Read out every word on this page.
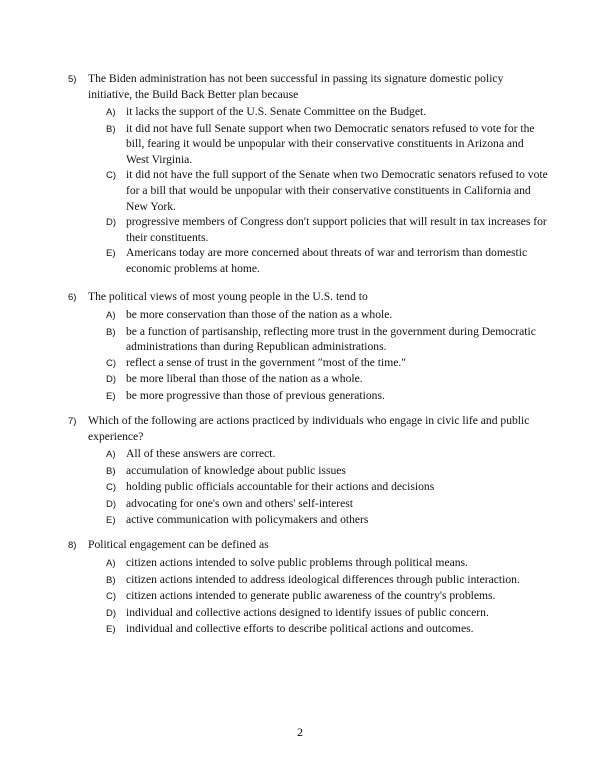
5) The Biden administration has not been successful in passing its signature domestic policy initiative, the Build Back Better plan because
A) it lacks the support of the U.S. Senate Committee on the Budget.
B) it did not have full Senate support when two Democratic senators refused to vote for the bill, fearing it would be unpopular with their conservative constituents in Arizona and West Virginia.
C) it did not have the full support of the Senate when two Democratic senators refused to vote for a bill that would be unpopular with their conservative constituents in California and New York.
D) progressive members of Congress don′t support policies that will result in tax increases for their constituents.
E) Americans today are more concerned about threats of war and terrorism than domestic economic problems at home.
6) The political views of most young people in the U.S. tend to
A) be more conservation than those of the nation as a whole.
B) be a function of partisanship, reflecting more trust in the government during Democratic administrations than during Republican administrations.
C) reflect a sense of trust in the government ″most of the time.″
D) be more liberal than those of the nation as a whole.
E) be more progressive than those of previous generations.
7) Which of the following are actions practiced by individuals who engage in civic life and public experience?
A) All of these answers are correct.
B) accumulation of knowledge about public issues
C) holding public officials accountable for their actions and decisions
D) advocating for one's own and others' self-interest
E) active communication with policymakers and others
8) Political engagement can be defined as
A) citizen actions intended to solve public problems through political means.
B) citizen actions intended to address ideological differences through public interaction.
C) citizen actions intended to generate public awareness of the country's problems.
D) individual and collective actions designed to identify issues of public concern.
E) individual and collective efforts to describe political actions and outcomes.
2
